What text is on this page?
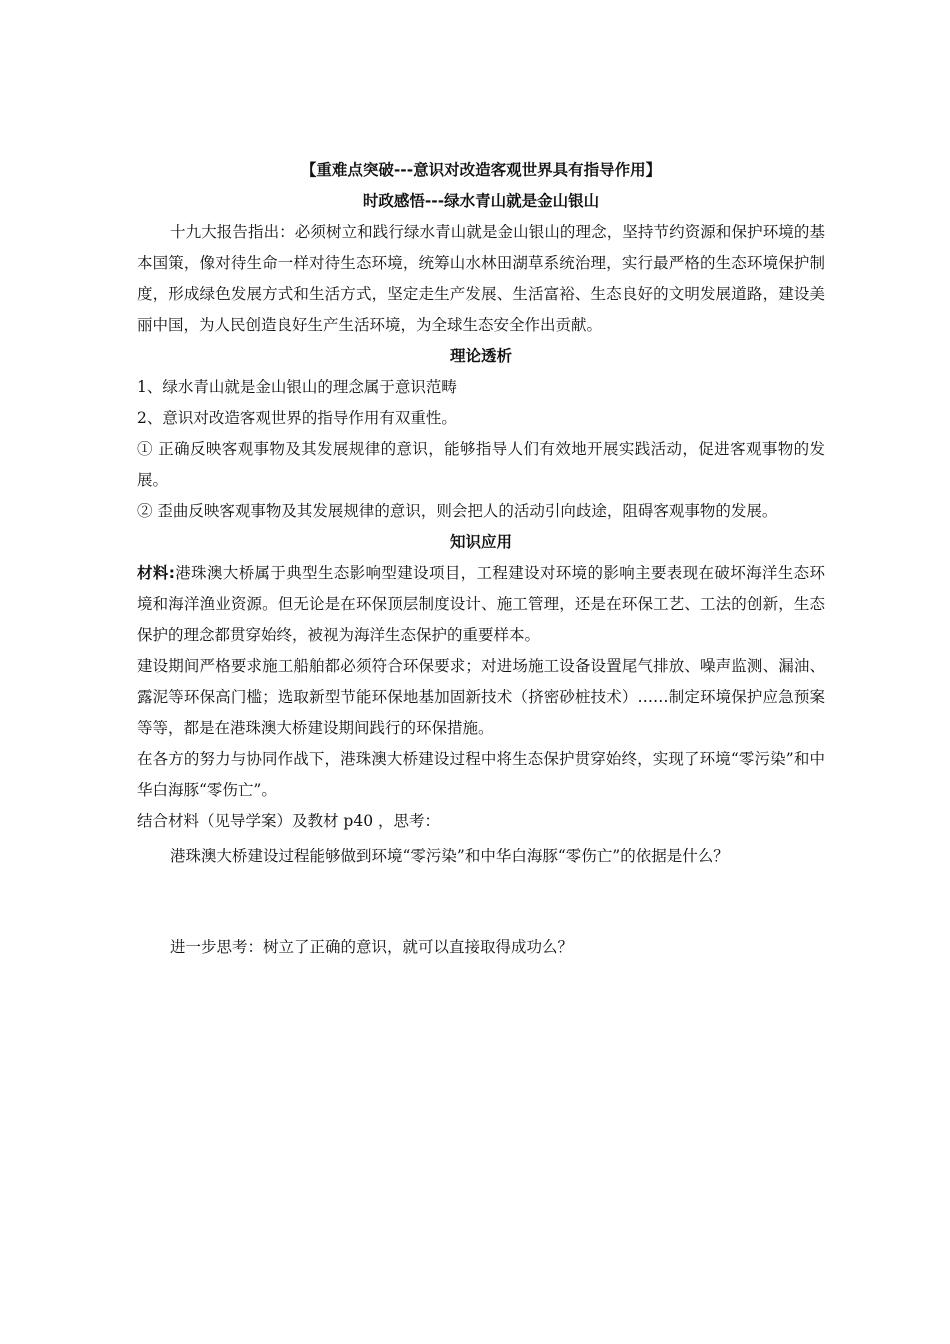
【重难点突破---意识对改造客观世界具有指导作用】
时政感悟---绿水青山就是金山银山

十九大报告指出：必须树立和践行绿水青山就是金山银山的理念，坚持节约资源和保护环境的基本国策，像对待生命一样对待生态环境，统筹山水林田湖草系统治理，实行最严格的生态环境保护制度，形成绿色发展方式和生活方式，坚定走生产发展、生活富裕、生态良好的文明发展道路，建设美丽中国，为人民创造良好生产生活环境，为全球生态安全作出贡献。

理论透析

1、绿水青山就是金山银山的理念属于意识范畴

2、意识对改造客观世界的指导作用有双重性。

① 正确反映客观事物及其发展规律的意识，能够指导人们有效地开展实践活动，促进客观事物的发展。

② 歪曲反映客观事物及其发展规律的意识，则会把人的活动引向歧途，阻碍客观事物的发展。

知识应用

材料:港珠澳大桥属于典型生态影响型建设项目，工程建设对环境的影响主要表现在破坏海洋生态环境和海洋渔业资源。但无论是在环保顶层制度设计、施工管理，还是在环保工艺、工法的创新，生态保护的理念都贯穿始终，被视为海洋生态保护的重要样本。

建设期间严格要求施工船舶都必须符合环保要求；对进场施工设备设置尾气排放、噪声监测、漏油、露泥等环保高门槛；选取新型节能环保地基加固新技术（挤密砂桩技术）……制定环境保护应急预案等等，都是在港珠澳大桥建设期间践行的环保措施。

在各方的努力与协同作战下，港珠澳大桥建设过程中将生态保护贯穿始终，实现了环境“零污染”和中华白海豚“零伤亡”。

结合材料（见导学案）及教材 p40 ，思考：

港珠澳大桥建设过程能够做到环境“零污染”和中华白海豚“零伤亡”的依据是什么？

进一步思考：树立了正确的意识，就可以直接取得成功么？
